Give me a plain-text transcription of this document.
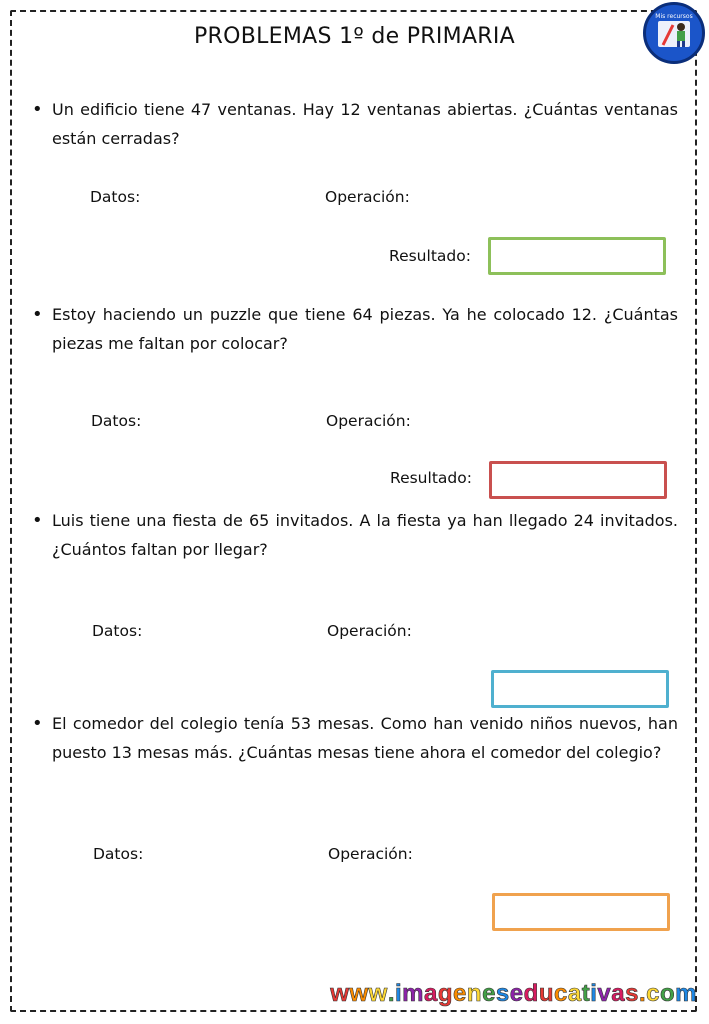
PROBLEMAS 1º de PRIMARIA
Mis recursos

• Un edificio tiene 47 ventanas. Hay 12 ventanas abiertas. ¿Cuántas ventanas están cerradas?

Datos:	Operación:
Resultado:

• Estoy haciendo un puzzle que tiene 64 piezas. Ya he colocado 12. ¿Cuántas piezas me faltan por colocar?

Datos:	Operación:
Resultado:

• Luis tiene una fiesta de 65 invitados. A la fiesta ya han llegado 24 invitados. ¿Cuántos faltan por llegar?

Datos:	Operación:

• El comedor del colegio tenía 53 mesas. Como han venido niños nuevos, han puesto 13 mesas más. ¿Cuántas mesas tiene ahora el comedor del colegio?

Datos:	Operación:
www.imageneseducativas.com
